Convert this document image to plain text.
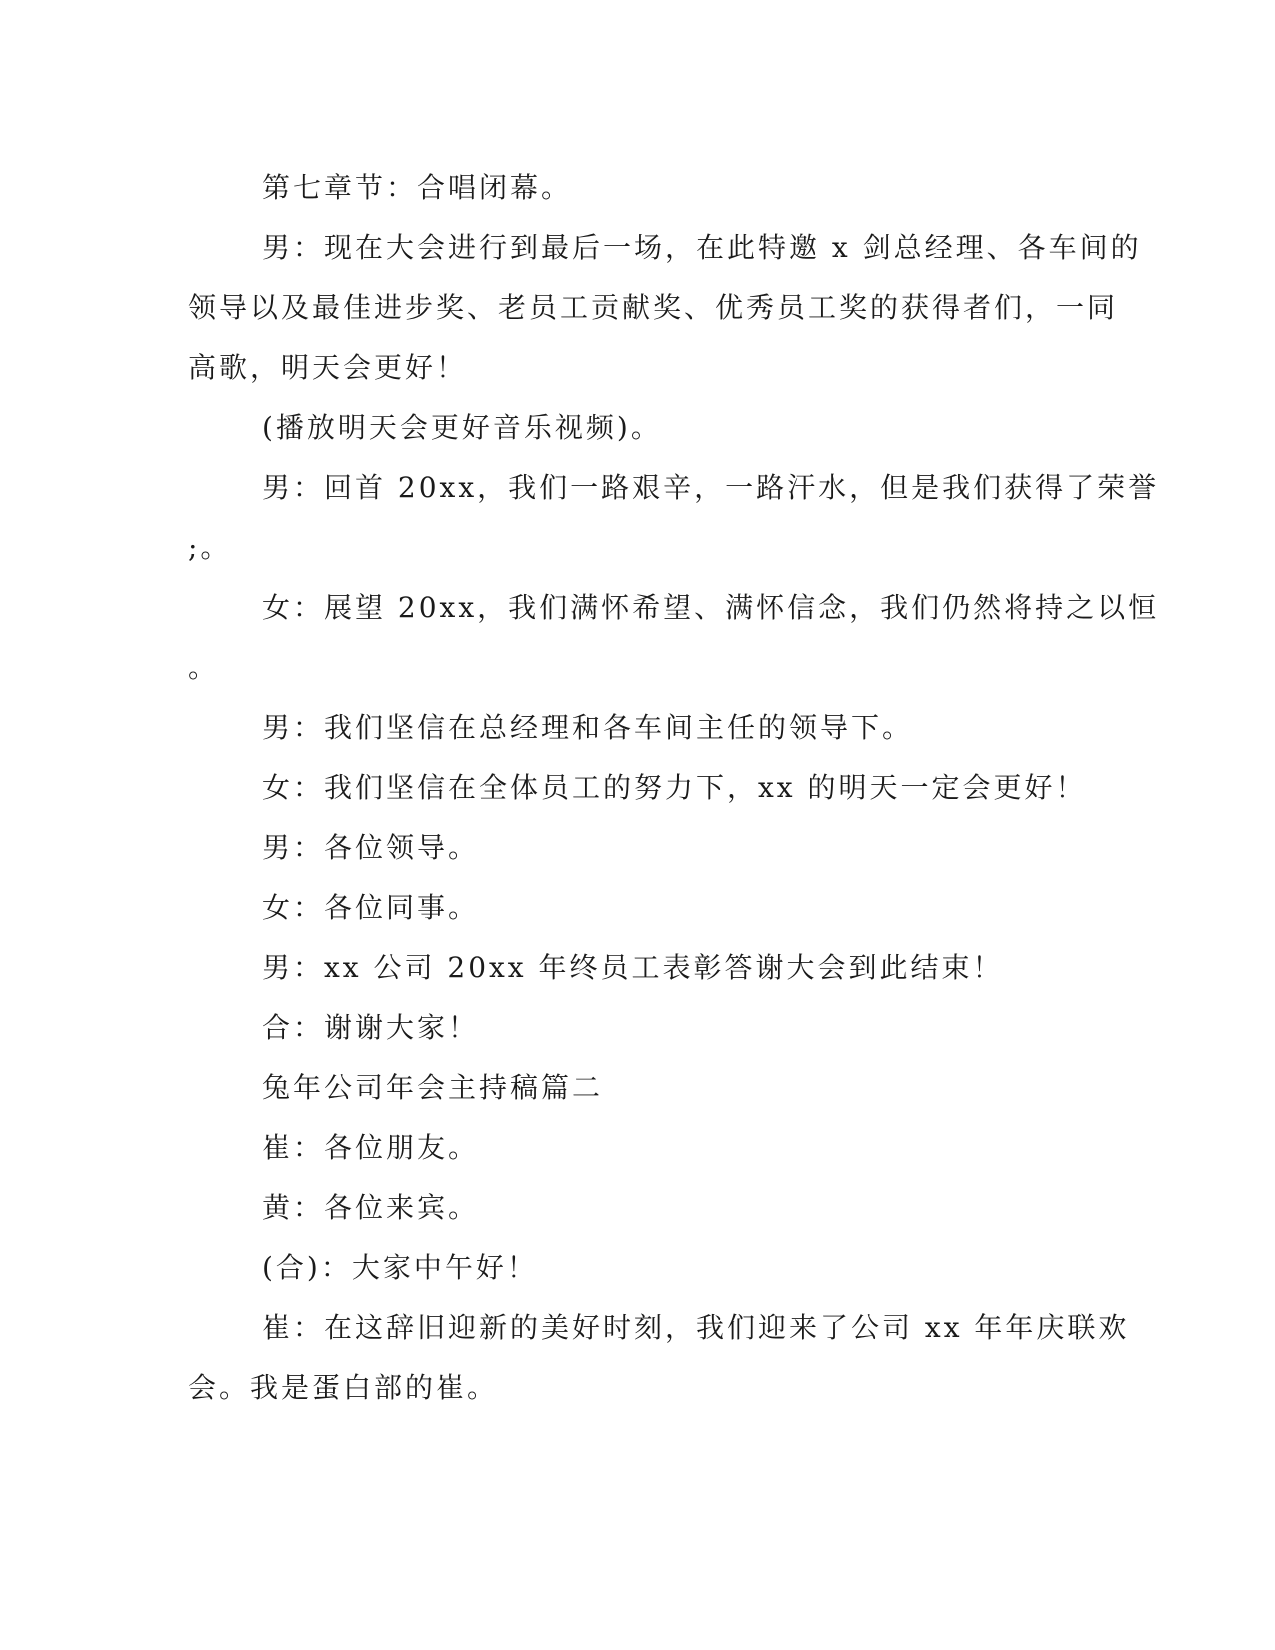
第七章节：合唱闭幕。

男：现在大会进行到最后一场，在此特邀 x 剑总经理、各车间的
领导以及最佳进步奖、老员工贡献奖、优秀员工奖的获得者们，一同
高歌，明天会更好！

(播放明天会更好音乐视频)。

男：回首 20xx，我们一路艰辛，一路汗水，但是我们获得了荣誉
;。

女：展望 20xx，我们满怀希望、满怀信念，我们仍然将持之以恒
。

男：我们坚信在总经理和各车间主任的领导下。

女：我们坚信在全体员工的努力下，xx 的明天一定会更好！

男：各位领导。

女：各位同事。

男：xx 公司 20xx 年终员工表彰答谢大会到此结束！

合：谢谢大家！

兔年公司年会主持稿篇二

崔：各位朋友。

黄：各位来宾。

(合)：大家中午好！

崔：在这辞旧迎新的美好时刻，我们迎来了公司 xx 年年庆联欢
会。我是蛋白部的崔。
